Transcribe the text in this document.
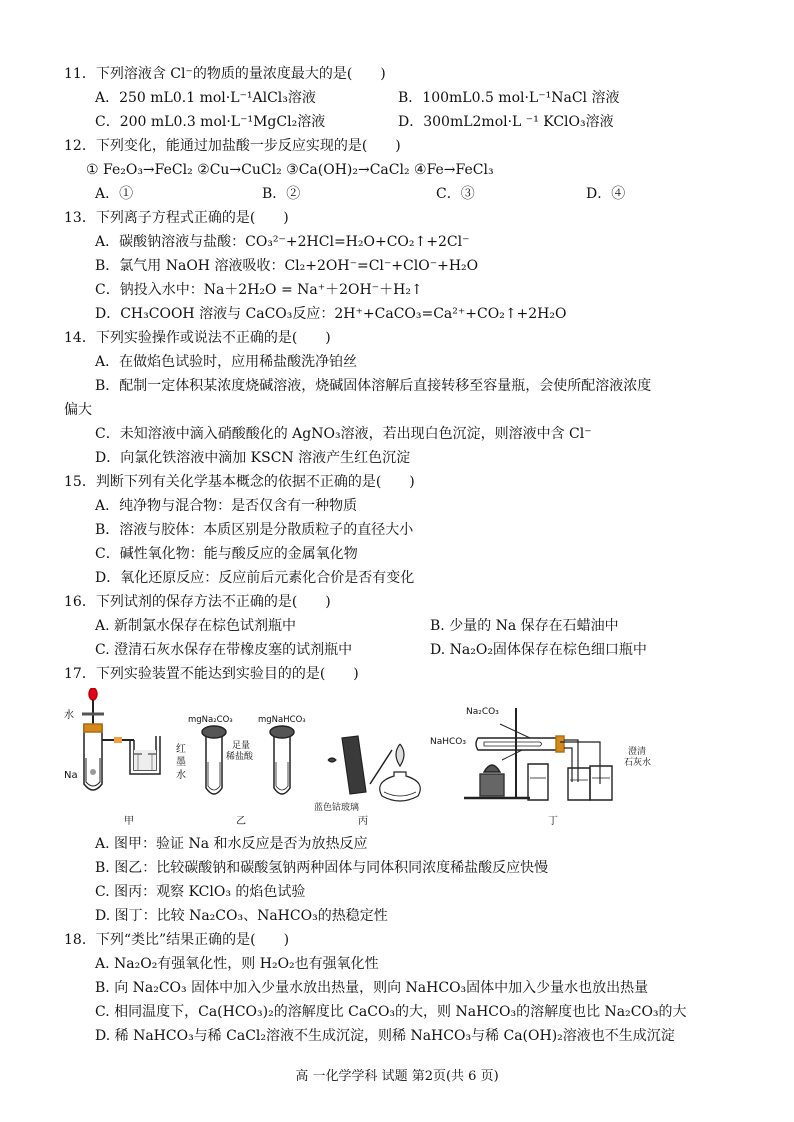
11．下列溶液含 Cl⁻的物质的量浓度最大的是(　　)
A．250 mL0.1 mol·L⁻¹AlCl₃溶液	B．100mL0.5 mol·L⁻¹NaCl 溶液
C．200 mL0.3 mol·L⁻¹MgCl₂溶液	D．300mL2mol·L ⁻¹ KClO₃溶液
12．下列变化，能通过加盐酸一步反应实现的是(　　)
① Fe₂O₃→FeCl₂ ②Cu→CuCl₂ ③Ca(OH)₂→CaCl₂ ④Fe→FeCl₃
A．①	B．②	C．③	D．④
13．下列离子方程式正确的是(　　)
A．碳酸钠溶液与盐酸：CO₃²⁻+2HCl=H₂O+CO₂↑+2Cl⁻
B．氯气用 NaOH 溶液吸收：Cl₂+2OH⁻=Cl⁻+ClO⁻+H₂O
C．钠投入水中：Na＋2H₂O = Na⁺＋2OH⁻＋H₂↑
D．CH₃COOH 溶液与 CaCO₃反应：2H⁺+CaCO₃=Ca²⁺+CO₂↑+2H₂O
14．下列实验操作或说法不正确的是(　　)
A．在做焰色试验时，应用稀盐酸洗净铂丝
B．配制一定体积某浓度烧碱溶液，烧碱固体溶解后直接转移至容量瓶，会使所配溶液浓度
偏大
C．未知溶液中滴入硝酸酸化的 AgNO₃溶液，若出现白色沉淀，则溶液中含 Cl⁻
D．向氯化铁溶液中滴加 KSCN 溶液产生红色沉淀
15．判断下列有关化学基本概念的依据不正确的是(　　)
A．纯净物与混合物：是否仅含有一种物质
B．溶液与胶体：本质区别是分散质粒子的直径大小
C．碱性氧化物：能与酸反应的金属氧化物
D．氧化还原反应：反应前后元素化合价是否有变化
16．下列试剂的保存方法不正确的是(　　)
A. 新制氯水保存在棕色试剂瓶中	B. 少量的 Na 保存在石蜡油中
C. 澄清石灰水保存在带橡皮塞的试剂瓶中	D. Na₂O₂固体保存在棕色细口瓶中
17．下列实验装置不能达到实验目的的是(　　)
水
Na
红 墨 水
甲
mgNa₂CO₃	mgNaHCO₃
足量 稀盐酸
乙
蓝色钴玻璃
丙
Na₂CO₃
NaHCO₃
澄清 石灰水
丁
A. 图甲：验证 Na 和水反应是否为放热反应
B. 图乙：比较碳酸钠和碳酸氢钠两种固体与同体积同浓度稀盐酸反应快慢
C. 图丙：观察 KClO₃ 的焰色试验
D. 图丁：比较 Na₂CO₃、NaHCO₃的热稳定性
18．下列“类比”结果正确的是(　　)
A. Na₂O₂有强氧化性，则 H₂O₂也有强氧化性
B. 向 Na₂CO₃ 固体中加入少量水放出热量，则向 NaHCO₃固体中加入少量水也放出热量
C. 相同温度下，Ca(HCO₃)₂的溶解度比 CaCO₃的大，则 NaHCO₃的溶解度也比 Na₂CO₃的大
D. 稀 NaHCO₃与稀 CaCl₂溶液不生成沉淀，则稀 NaHCO₃与稀 Ca(OH)₂溶液也不生成沉淀
高 一化学学科 试题 第2页(共 6 页)
